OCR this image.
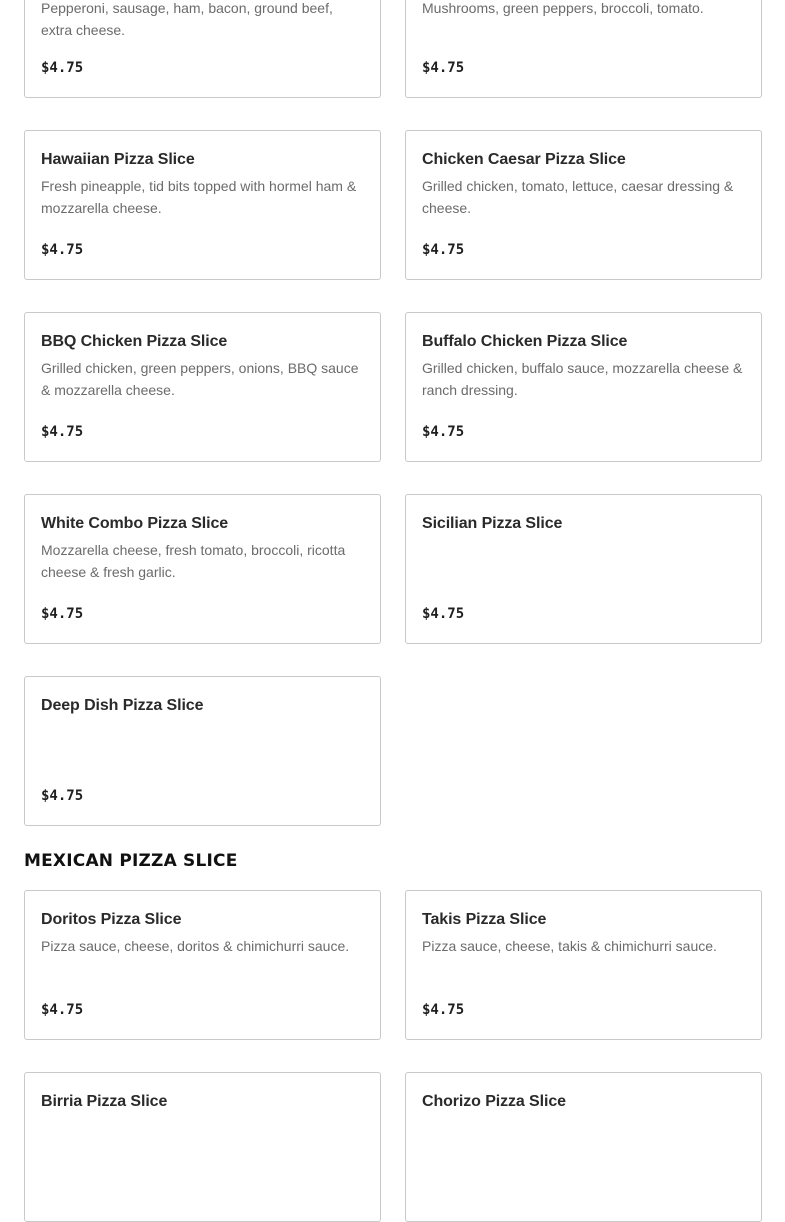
Pepperoni, sausage, ham, bacon, ground beef, extra cheese.
$4.75
Mushrooms, green peppers, broccoli, tomato.
$4.75
Hawaiian Pizza Slice
Fresh pineapple, tid bits topped with hormel ham & mozzarella cheese.
$4.75
Chicken Caesar Pizza Slice
Grilled chicken, tomato, lettuce, caesar dressing & cheese.
$4.75
BBQ Chicken Pizza Slice
Grilled chicken, green peppers, onions, BBQ sauce & mozzarella cheese.
$4.75
Buffalo Chicken Pizza Slice
Grilled chicken, buffalo sauce, mozzarella cheese & ranch dressing.
$4.75
White Combo Pizza Slice
Mozzarella cheese, fresh tomato, broccoli, ricotta cheese & fresh garlic.
$4.75
Sicilian Pizza Slice
$4.75
Deep Dish Pizza Slice
$4.75
MEXICAN PIZZA SLICE
Doritos Pizza Slice
Pizza sauce, cheese, doritos & chimichurri sauce.
$4.75
Takis Pizza Slice
Pizza sauce, cheese, takis & chimichurri sauce.
$4.75
Birria Pizza Slice	Chorizo Pizza Slice
